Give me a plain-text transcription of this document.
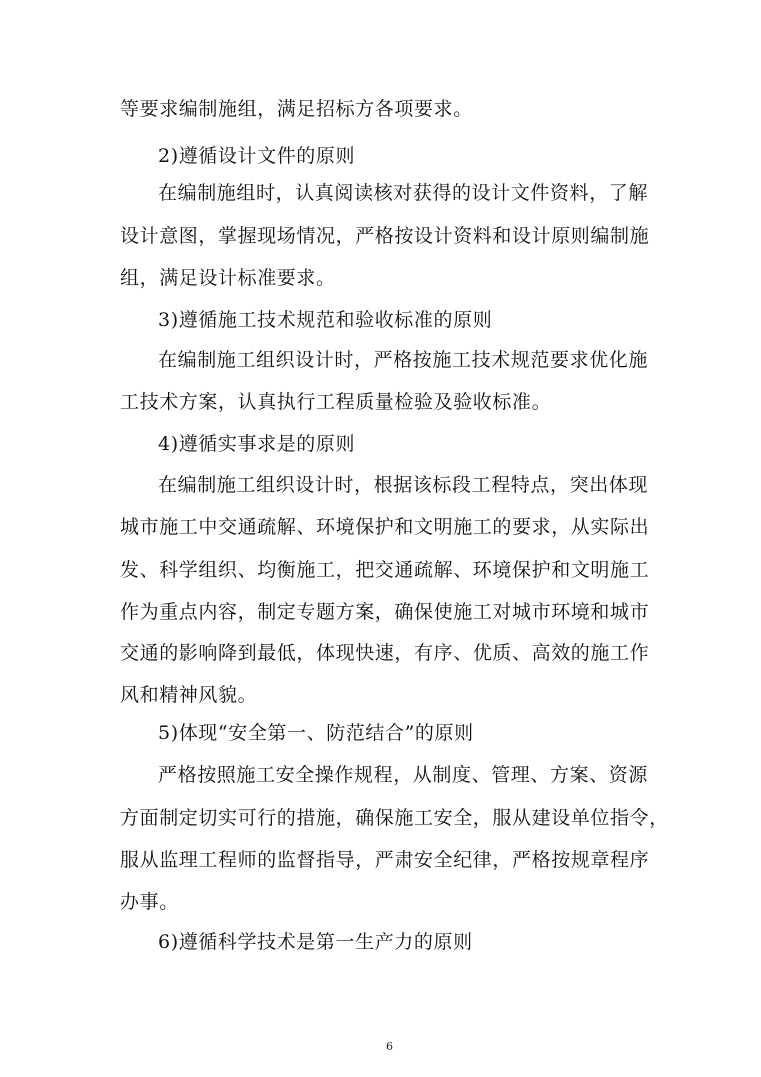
等要求编制施组，满足招标方各项要求。
2)遵循设计文件的原则
在编制施组时，认真阅读核对获得的设计文件资料，了解
设计意图，掌握现场情况，严格按设计资料和设计原则编制施
组，满足设计标准要求。
3)遵循施工技术规范和验收标准的原则
在编制施工组织设计时，严格按施工技术规范要求优化施
工技术方案，认真执行工程质量检验及验收标准。
4)遵循实事求是的原则
在编制施工组织设计时，根据该标段工程特点，突出体现
城市施工中交通疏解、环境保护和文明施工的要求，从实际出
发、科学组织、均衡施工，把交通疏解、环境保护和文明施工
作为重点内容，制定专题方案，确保使施工对城市环境和城市
交通的影响降到最低，体现快速，有序、优质、高效的施工作
风和精神风貌。
5)体现“安全第一、防范结合”的原则
严格按照施工安全操作规程，从制度、管理、方案、资源
方面制定切实可行的措施，确保施工安全，服从建设单位指令，
服从监理工程师的监督指导，严肃安全纪律，严格按规章程序
办事。
6)遵循科学技术是第一生产力的原则
6
